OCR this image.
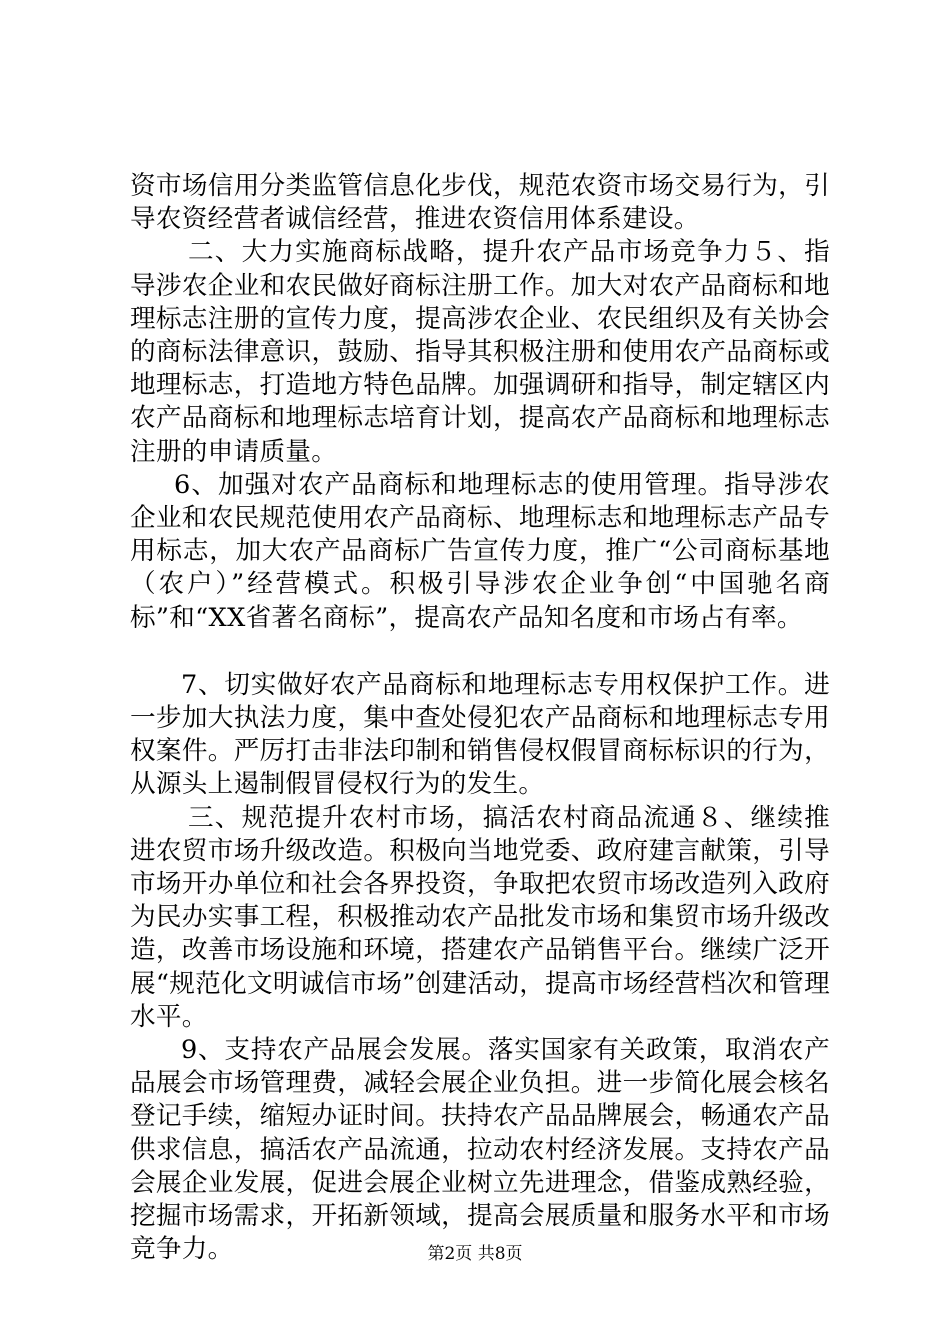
资市场信用分类监管信息化步伐，规范农资市场交易行为，引导农资经营者诚信经营，推进农资信用体系建设。

二、大力实施商标战略，提升农产品市场竞争力５、指导涉农企业和农民做好商标注册工作。加大对农产品商标和地理标志注册的宣传力度，提高涉农企业、农民组织及有关协会的商标法律意识，鼓励、指导其积极注册和使用农产品商标或地理标志，打造地方特色品牌。加强调研和指导，制定辖区内农产品商标和地理标志培育计划，提高农产品商标和地理标志注册的申请质量。

6、加强对农产品商标和地理标志的使用管理。指导涉农企业和农民规范使用农产品商标、地理标志和地理标志产品专用标志，加大农产品商标广告宣传力度，推广“公司商标基地（农户）”经营模式。积极引导涉农企业争创“中国驰名商标”和“XX省著名商标”，提高农产品知名度和市场占有率。

7、切实做好农产品商标和地理标志专用权保护工作。进一步加大执法力度，集中查处侵犯农产品商标和地理标志专用权案件。严厉打击非法印制和销售侵权假冒商标标识的行为，从源头上遏制假冒侵权行为的发生。

三、规范提升农村市场，搞活农村商品流通８、继续推进农贸市场升级改造。积极向当地党委、政府建言献策，引导市场开办单位和社会各界投资，争取把农贸市场改造列入政府为民办实事工程，积极推动农产品批发市场和集贸市场升级改造，改善市场设施和环境，搭建农产品销售平台。继续广泛开展“规范化文明诚信市场”创建活动，提高市场经营档次和管理水平。

9、支持农产品展会发展。落实国家有关政策，取消农产品展会市场管理费，减轻会展企业负担。进一步简化展会核名登记手续，缩短办证时间。扶持农产品品牌展会，畅通农产品供求信息，搞活农产品流通，拉动农村经济发展。支持农产品会展企业发展，促进会展企业树立先进理念，借鉴成熟经验，挖掘市场需求，开拓新领域，提高会展质量和服务水平和市场竞争力。	第2页 共8页
